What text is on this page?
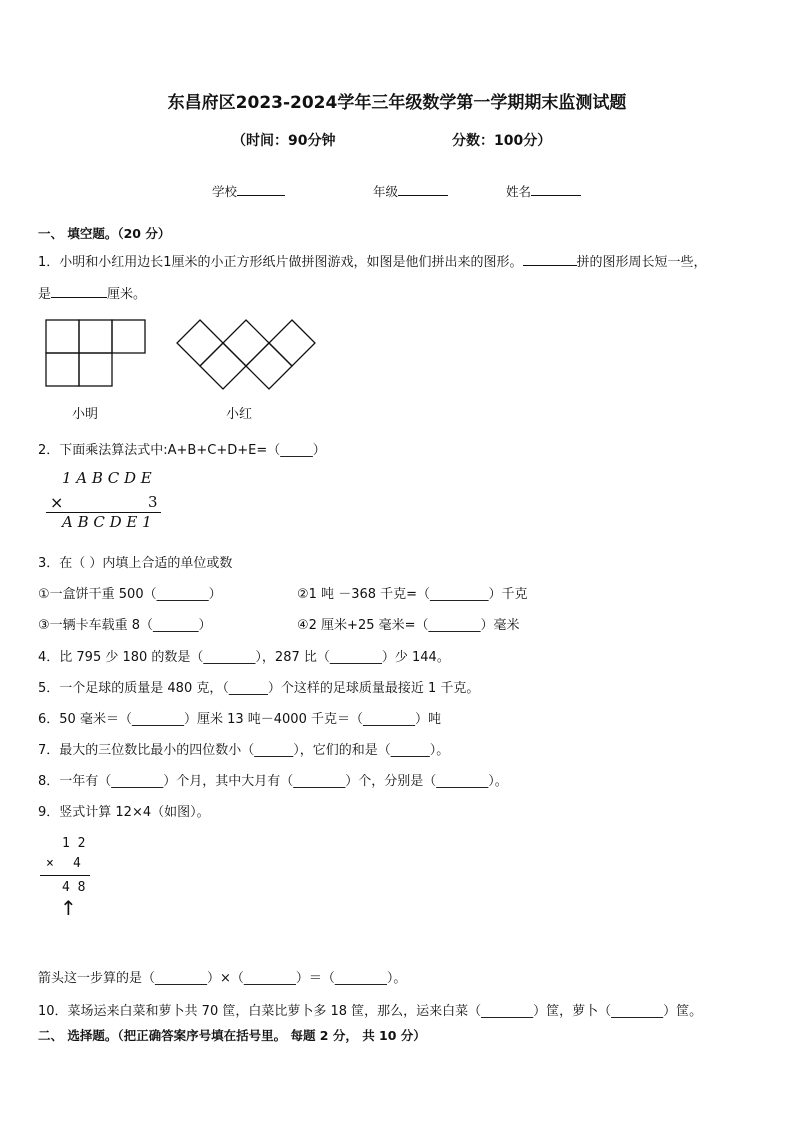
东昌府区2023-2024学年三年级数学第一学期期末监测试题
（时间：90分钟	分数：100分）
学校	年级	姓名
一、 填空题。（20 分）
1．小明和小红用边长1厘米的小正方形纸片做拼图游戏，如图是他们拼出来的图形。	拼的图形周长短一些，
是	厘米。
小明	小红
2．下面乘法算法式中:A+B+C+D+E=（_____）
1 A B C D E
×	3
A B C D E 1
3．在（ ）内填上合适的单位或数
①一盒饼干重 500（________）	②1 吨 －368 千克=（_________）千克
③一辆卡车载重 8（_______）	④2 厘米+25 毫米=（________）毫米
4．比 795 少 180 的数是（________），287 比（________）少 144。
5．一个足球的质量是 480 克，（______）个这样的足球质量最接近 1 千克。
6．50 毫米＝（________）厘米 13 吨－4000 千克＝（________）吨
7．最大的三位数比最小的四位数小（______），它们的和是（______）。
8．一年有（________）个月，其中大月有（________）个，分别是（________）。
9．竖式计算 12×4（如图）。
1 2
× 4
4 8
↑
箭头这一步算的是（________）×（________）＝（________）。
10．菜场运来白菜和萝卜共 70 筐，白菜比萝卜多 18 筐，那么，运来白菜（________）筐，萝卜（________）筐。
二、 选择题。（把正确答案序号填在括号里。 每题 2 分， 共 10 分）
